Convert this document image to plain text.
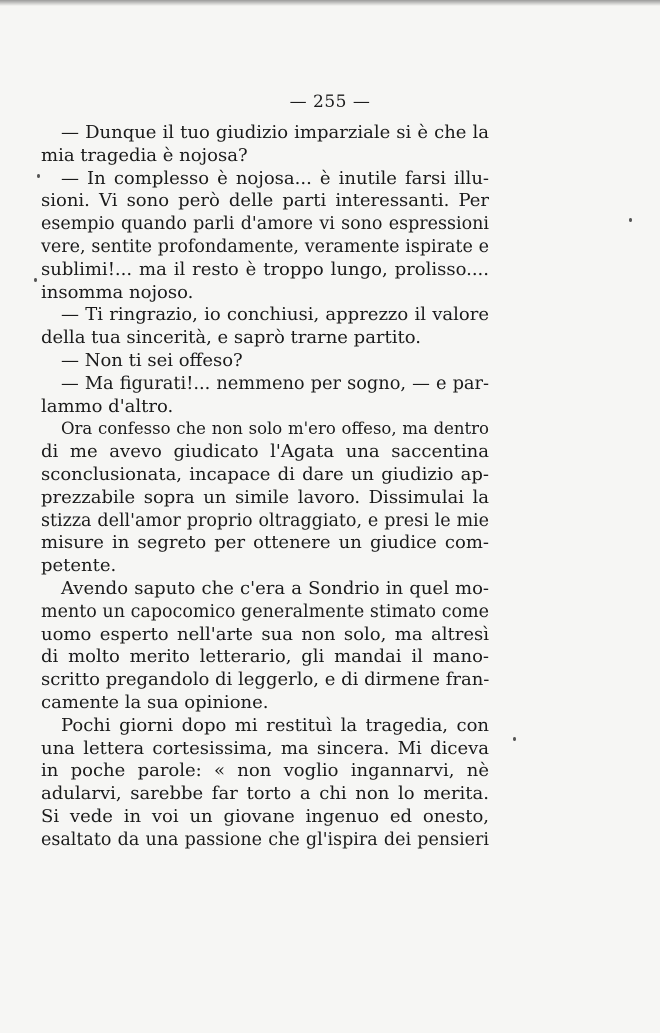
— 255 —
— Dunque il tuo giudizio imparziale si è che la
mia tragedia è nojosa?
— In complesso è nojosa... è inutile farsi illu-
sioni. Vi sono però delle parti interessanti. Per
esempio quando parli d'amore vi sono espressioni
vere, sentite profondamente, veramente ispirate e
sublimi!... ma il resto è troppo lungo, prolisso....
insomma nojoso.
— Ti ringrazio, io conchiusi, apprezzo il valore
della tua sincerità, e saprò trarne partito.
— Non ti sei offeso?
— Ma figurati!... nemmeno per sogno, — e par-
lammo d'altro.
Ora confesso che non solo m'ero offeso, ma dentro
di me avevo giudicato l'Agata una saccentina
sconclusionata, incapace di dare un giudizio ap-
prezzabile sopra un simile lavoro. Dissimulai la
stizza dell'amor proprio oltraggiato, e presi le mie
misure in segreto per ottenere un giudice com-
petente.
Avendo saputo che c'era a Sondrio in quel mo-
mento un capocomico generalmente stimato come
uomo esperto nell'arte sua non solo, ma altresì
di molto merito letterario, gli mandai il mano-
scritto pregandolo di leggerlo, e di dirmene fran-
camente la sua opinione.
Pochi giorni dopo mi restituì la tragedia, con
una lettera cortesissima, ma sincera. Mi diceva
in poche parole: « non voglio ingannarvi, nè
adularvi, sarebbe far torto a chi non lo merita.
Si vede in voi un giovane ingenuo ed onesto,
esaltato da una passione che gl'ispira dei pensieri
